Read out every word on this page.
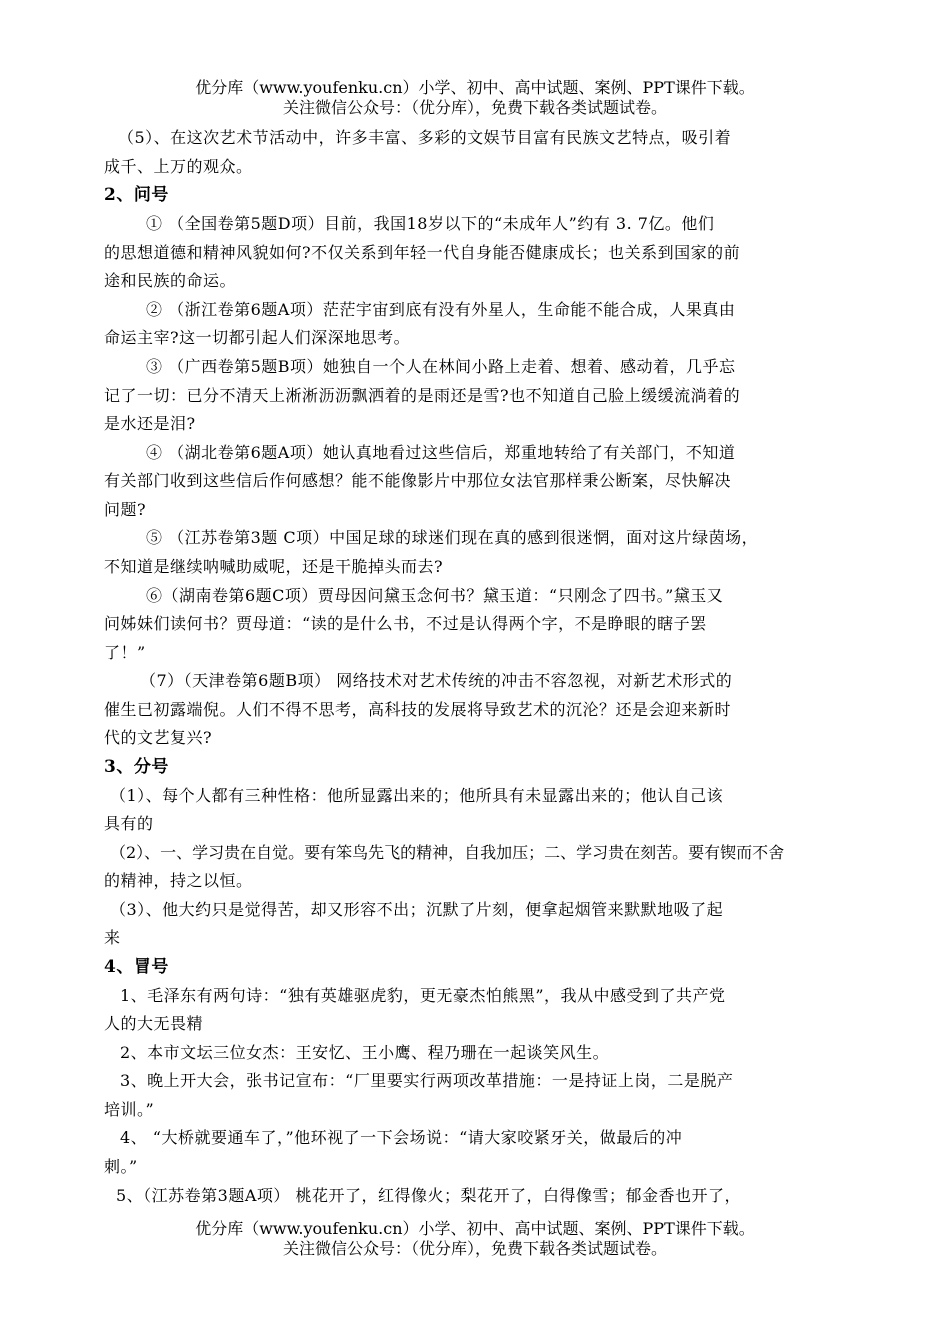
优分库（www.youfenku.cn）小学、初中、高中试题、案例、PPT课件下载。
关注微信公众号：（优分库），免费下载各类试题试卷。
（5）、在这次艺术节活动中，许多丰富、多彩的文娱节目富有民族文艺特点，吸引着
成千、上万的观众。
2、问号
① （全国卷第5题D项）目前，我国18岁以下的“未成年人”约有 3. 7亿。他们
的思想道德和精神风貌如何?不仅关系到年轻一代自身能否健康成长；也关系到国家的前
途和民族的命运。
② （浙江卷第6题A项）茫茫宇宙到底有没有外星人，生命能不能合成，人果真由
命运主宰?这一切都引起人们深深地思考。
③ （广西卷第5题B项）她独自一个人在林间小路上走着、想着、感动着，几乎忘
记了一切：已分不清天上淅淅沥沥飘洒着的是雨还是雪?也不知道自己脸上缓缓流淌着的
是水还是泪?
④ （湖北卷第6题A项）她认真地看过这些信后，郑重地转给了有关部门，不知道
有关部门收到这些信后作何感想？能不能像影片中那位女法官那样秉公断案，尽快解决
问题?
⑤ （江苏卷第3题 C项）中国足球的球迷们现在真的感到很迷惘，面对这片绿茵场，
不知道是继续呐喊助威呢，还是干脆掉头而去?
⑥（湖南卷第6题C项）贾母因问黛玉念何书？黛玉道：“只刚念了四书。”黛玉又
问姊妹们读何书？贾母道：“读的是什么书，不过是认得两个字，不是睁眼的瞎子罢
了！”
（7）（天津卷第6题B项） 网络技术对艺术传统的冲击不容忽视，对新艺术形式的
催生已初露端倪。人们不得不思考，高科技的发展将导致艺术的沉沦？还是会迎来新时
代的文艺复兴?
3、分号
（1）、每个人都有三种性格：他所显露出来的；他所具有未显露出来的；他认自己该
具有的
（2）、一、学习贵在自觉。要有笨鸟先飞的精神，自我加压；二、学习贵在刻苦。要有锲而不舍
的精神，持之以恒。
（3）、他大约只是觉得苦，却又形容不出；沉默了片刻，便拿起烟管来默默地吸了起
来
4、冒号
1、毛泽东有两句诗：“独有英雄驱虎豹，更无豪杰怕熊黑”，我从中感受到了共产党
人的大无畏精
2、本市文坛三位女杰：王安忆、王小鹰、程乃珊在一起谈笑风生。
3、晚上开大会，张书记宣布：“厂里要实行两项改革措施：一是持证上岗，二是脱产
培训。”
4、 “大桥就要通车了，”他环视了一下会场说：“请大家咬紧牙关，做最后的冲
刺。”
5、（江苏卷第3题A项） 桃花开了，红得像火；梨花开了，白得像雪；郁金香也开了，
优分库（www.youfenku.cn）小学、初中、高中试题、案例、PPT课件下载。
关注微信公众号：（优分库），免费下载各类试题试卷。
